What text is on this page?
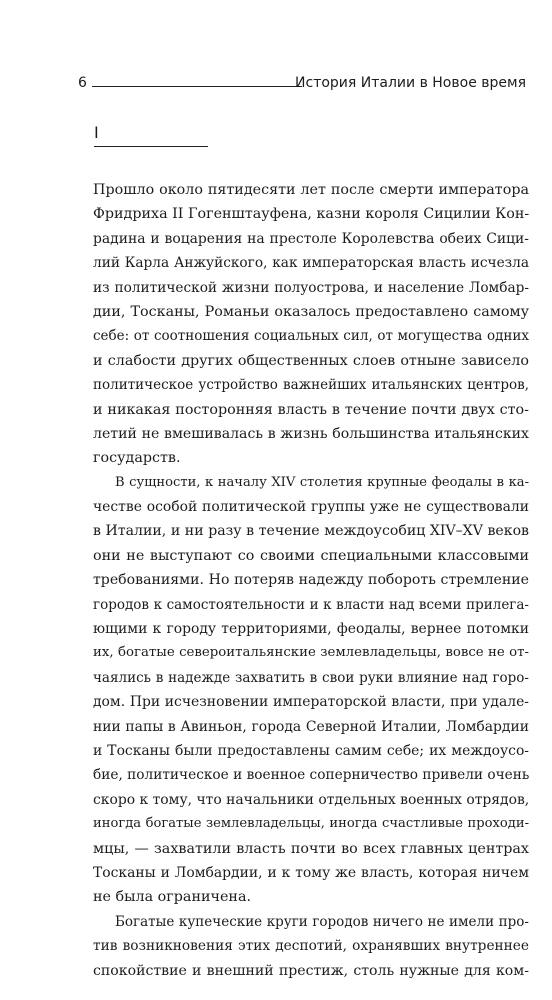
6	История Италии в Новое время
I
Прошло около пятидесяти лет после смерти императора
Фридриха II Гогенштауфена, казни короля Сицилии Кон-
радина и воцарения на престоле Королевства обеих Сици-
лий Карла Анжуйского, как императорская власть исчезла
из политической жизни полуострова, и население Ломбар-
дии, Тосканы, Романьи оказалось предоставлено самому
себе: от соотношения социальных сил, от могущества одних
и слабости других общественных слоев отныне зависело
политическое устройство важнейших итальянских центров,
и никакая посторонняя власть в течение почти двух сто-
летий не вмешивалась в жизнь большинства итальянских
государств.
В сущности, к началу XIV столетия крупные феодалы в ка-
честве особой политической группы уже не существовали
в Италии, и ни разу в течение междоусобиц XIV–XV веков
они не выступают со своими специальными классовыми
требованиями. Но потеряв надежду побороть стремление
городов к самостоятельности и к власти над всеми прилега-
ющими к городу территориями, феодалы, вернее потомки
их, богатые североитальянские землевладельцы, вовсе не от-
чаялись в надежде захватить в свои руки влияние над горо-
дом. При исчезновении императорской власти, при удале-
нии папы в Авиньон, города Северной Италии, Ломбардии
и Тосканы были предоставлены самим себе; их междоусо-
бие, политическое и военное соперничество привели очень
скоро к тому, что начальники отдельных военных отрядов,
иногда богатые землевладельцы, иногда счастливые проходи-
мцы, — захватили власть почти во всех главных центрах
Тосканы и Ломбардии, и к тому же власть, которая ничем
не была ограничена.
Богатые купеческие круги городов ничего не имели про-
тив возникновения этих деспотий, охранявших внутреннее
спокойствие и внешний престиж, столь нужные для ком-
